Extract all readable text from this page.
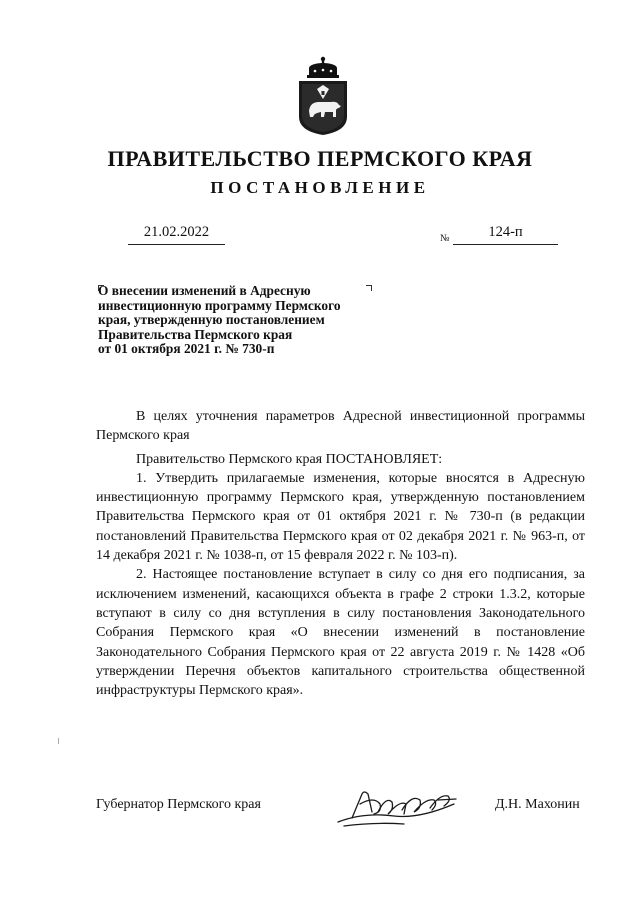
ПРАВИТЕЛЬСТВО ПЕРМСКОГО КРАЯ
ПОСТАНОВЛЕНИЕ
21.02.2022	№	124-п
О внесении изменений в Адресную
инвестиционную программу Пермского
края, утвержденную постановлением
Правительства Пермского края
от 01 октября 2021 г. № 730-п

В целях уточнения параметров Адресной инвестиционной программы Пермского края

Правительство Пермского края ПОСТАНОВЛЯЕТ:

1. Утвердить прилагаемые изменения, которые вносятся в Адресную инвестиционную программу Пермского края, утвержденную постановлением Правительства Пермского края от 01 октября 2021 г. № 730-п (в редакции постановлений Правительства Пермского края от 02 декабря 2021 г. № 963-п, от 14 декабря 2021 г. № 1038-п, от 15 февраля 2022 г. № 103-п).

2. Настоящее постановление вступает в силу со дня его подписания, за исключением изменений, касающихся объекта в графе 2 строки 1.3.2, которые вступают в силу со дня вступления в силу постановления Законодательного Собрания Пермского края «О внесении изменений в постановление Законодательного Собрания Пермского края от 22 августа 2019 г. № 1428 «Об утверждении Перечня объектов капитального строительства общественной инфраструктуры Пермского края».

Губернатор Пермского края	Д.Н. Махонин
